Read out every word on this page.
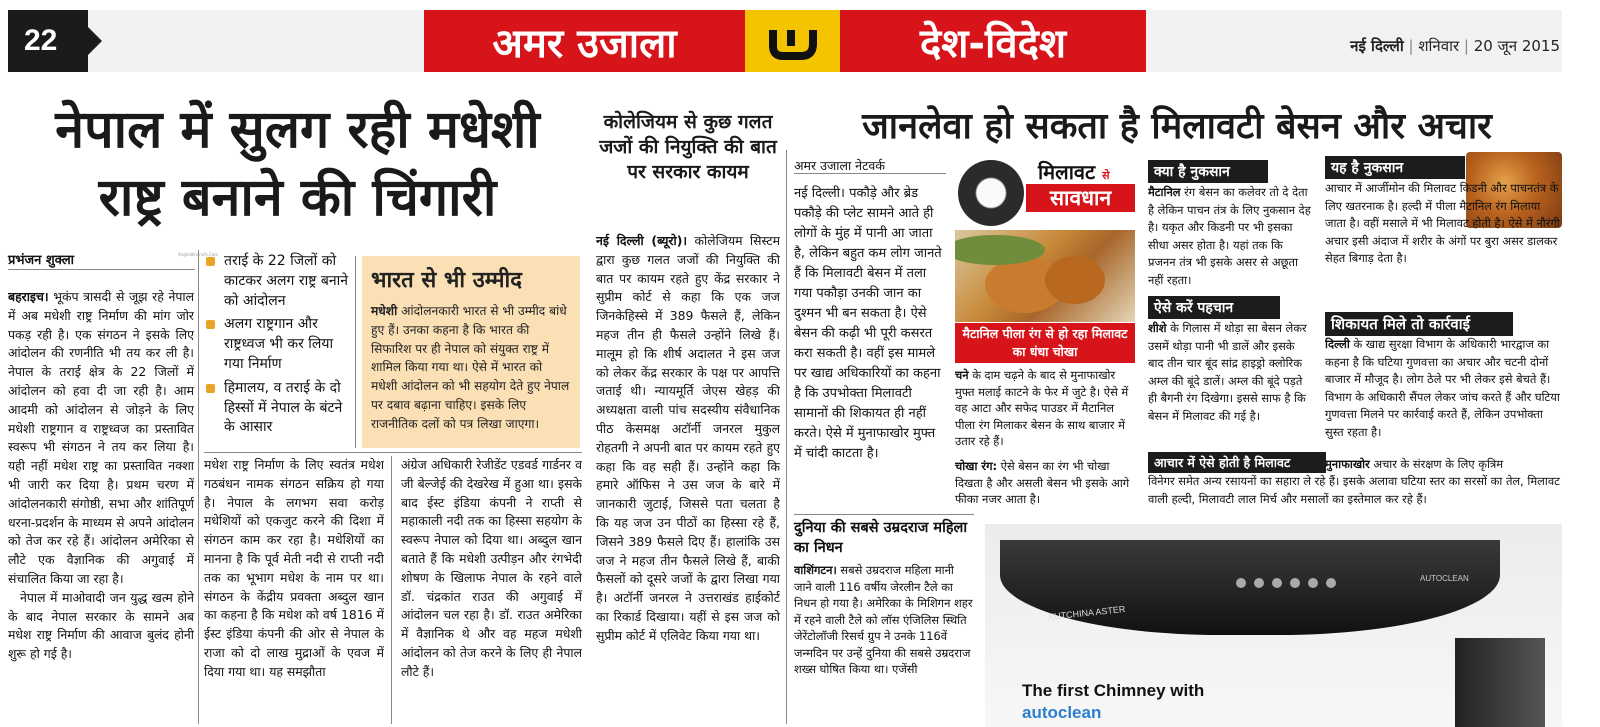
22	अमर उजाला	देश-विदेश	नई दिल्ली | शनिवार | 20 जून 2015
नेपाल में सुलग रही मधेशी
राष्ट्र बनाने की चिंगारी
प्रभंजन शुक्ला
बहराइच। भूकंप त्रासदी से जूझ रहे नेपाल में अब मधेशी राष्ट्र निर्माण की मांग जोर पकड़ रही है। एक संगठन ने इसके लिए आंदोलन की रणनीति भी तय कर ली है। नेपाल के तराई क्षेत्र के 22 जिलों में आंदोलन को हवा दी जा रही है। आम आदमी को आंदोलन से जोड़ने के लिए मधेशी राष्ट्रगान व राष्ट्रध्वज का प्रस्तावित स्वरूप भी संगठन ने तय कर लिया है। यही नहीं मधेश राष्ट्र का प्रस्तावित नक्शा भी जारी कर दिया है। प्रथम चरण में आंदोलनकारी संगोष्ठी, सभा और शांतिपूर्ण धरना-प्रदर्शन के माध्यम से अपने आंदोलन को तेज कर रहे हैं। आंदोलन अमेरिका से लौटे एक वैज्ञानिक की अगुवाई में संचालित किया जा रहा है।
नेपाल में माओवादी जन युद्ध खत्म होने के बाद नेपाल सरकार के सामने अब मधेश राष्ट्र निर्माण की आवाज बुलंद होनी शुरू हो गई है।
तराई के 22 जिलों को काटकर अलग राष्ट्र बनाने को आंदोलन
अलग राष्ट्रगान और राष्ट्रध्वज भी कर लिया गया निर्माण
हिमालय, व तराई के दो हिस्सों में नेपाल के बंटने के आसार
Anghalkhanchi.Com
भारत से भी उम्मीद
मधेशी आंदोलनकारी भारत से भी उम्मीद बांधे हुए हैं। उनका कहना है कि भारत की सिफारिश पर ही नेपाल को संयुक्त राष्ट्र में शामिल किया गया था। ऐसे में भारत को मधेशी आंदोलन को भी सहयोग देते हुए नेपाल पर दबाव बढ़ाना चाहिए। इसके लिए राजनीतिक दलों को पत्र लिखा जाएगा।
मधेश राष्ट्र निर्माण के लिए स्वतंत्र मधेश गठबंधन नामक संगठन सक्रिय हो गया है। नेपाल के लगभग सवा करोड़ मधेशियों को एकजुट करने की दिशा में संगठन काम कर रहा है। मधेशियों का मानना है कि पूर्व मेती नदी से राप्ती नदी तक का भूभाग मधेश के नाम पर था। संगठन के केंद्रीय प्रवक्ता अब्दुल खान का कहना है कि मधेश को वर्ष 1816 में ईस्ट इंडिया कंपनी की ओर से नेपाल के राजा को दो लाख मुद्राओं के एवज में दिया गया था। यह समझौता
अंग्रेज अधिकारी रेजीडेंट एडवर्ड गार्डनर व जी बेल्जेई की देखरेख में हुआ था। इसके बाद ईस्ट इंडिया कंपनी ने राप्ती से महाकाली नदी तक का हिस्सा सहयोग के स्वरूप नेपाल को दिया था। अब्दुल खान बताते हैं कि मधेशी उत्पीड़न और रंगभेदी शोषण के खिलाफ नेपाल के रहने वाले डॉ. चंद्रकांत राउत की अगुवाई में आंदोलन चल रहा है। डॉ. राउत अमेरिका में वैज्ञानिक थे और वह महज मधेशी आंदोलन को तेज करने के लिए ही नेपाल लौटे हैं।
कोलेजियम से कुछ गलत जजों की नियुक्ति की बात पर सरकार कायम
नई दिल्ली (ब्यूरो)। कोलेजियम सिस्टम द्वारा कुछ गलत जजों की नियुक्ति की बात पर कायम रहते हुए केंद्र सरकार ने सुप्रीम कोर्ट से कहा कि एक जज जिनकेहिस्से में 389 फैसले हैं, लेकिन महज तीन ही फैसले उन्होंने लिखे हैं। मालूम हो कि शीर्ष अदालत ने इस जज को लेकर केंद्र सरकार के पक्ष पर आपत्ति जताई थी। न्यायमूर्ति जेएस खेहड़ की अध्यक्षता वाली पांच सदस्यीय संवैधानिक पीठ केसमक्ष अटॉर्नी जनरल मुकुल रोहतगी ने अपनी बात पर कायम रहते हुए कहा कि वह सही हैं। उन्होंने कहा कि हमारे ऑफिस ने उस जज के बारे में जानकारी जुटाई, जिससे पता चलता है कि यह जज उन पीठों का हिस्सा रहे हैं, जिसने 389 फैसले दिए हैं। हालांकि उस जज ने महज तीन फैसले लिखे हैं, बाकी फैसलों को दूसरे जजों के द्वारा लिखा गया है। अटॉर्नी जनरल ने उत्तराखंड हाईकोर्ट का रिकार्ड दिखाया। यहीं से इस जज को सुप्रीम कोर्ट में एलिवेट किया गया था।
जानलेवा हो सकता है मिलावटी बेसन और अचार
अमर उजाला नेटवर्क
नई दिल्ली। पकौड़े और ब्रेड पकौड़े की प्लेट सामने आते ही लोगों के मुंह में पानी आ जाता है, लेकिन बहुत कम लोग जानते हैं कि मिलावटी बेसन में तला गया पकौड़ा उनकी जान का दुश्मन भी बन सकता है। ऐसे बेसन की कढ़ी भी पूरी कसरत करा सकती है। वहीं इस मामले पर खाद्य अधिकारियों का कहना है कि उपभोक्ता मिलावटी सामानों की शिकायत ही नहीं करते। ऐसे में मुनाफाखोर मुफ्त में चांदी काटता है।
मिलावट से
सावधान
मैटानिल पीला रंग से हो रहा मिलावट का धंधा चोखा
चने के दाम चढ़ने के बाद से मुनाफाखोर मुफ्त मलाई काटने के फेर में जुटे है। ऐसे में वह आटा और सफेद पाउडर में मैटानिल पीला रंग मिलाकर बेसन के साथ बाजार में उतार रहे हैं।
चोखा रंग: ऐसे बेसन का रंग भी चोखा दिखता है और असली बेसन भी इसके आगे फीका नजर आता है।
क्या है नुकसान
मैटानिल रंग बेसन का कलेवर तो दे देता है लेकिन पाचन तंत्र के लिए नुकसान देह है। यकृत और किडनी पर भी इसका सीधा असर होता है। यहां तक कि प्रजनन तंत्र भी इसके असर से अछूता नहीं रहता।
ऐसे करें पहचान
शीशे के गिलास में थोड़ा सा बेसन लेकर उसमें थोड़ा पानी भी डालें और इसके बाद तीन चार बूंद सांद्र हाइड्रो क्लोरिक अम्ल की बूंदे डालें। अम्ल की बूंदे पड़ते ही बैगनी रंग दिखेगा। इससे साफ है कि बेसन में मिलावट की गई है।
यह है नुकसान
आचार में आर्जीमोन की मिलावट किडनी और पाचनतंत्र के लिए खतरनाक है। हल्दी में पीला मैटानिल रंग मिलाया जाता है। वहीं मसाले में भी मिलावट होती है। ऐसे में नौरंगी अचार इसी अंदाज में शरीर के अंगों पर बुरा असर डालकर सेहत बिगाड़ देता है।
शिकायत मिले तो कार्रवाई
दिल्ली के खाद्य सुरक्षा विभाग के अधिकारी भारद्वाज का कहना है कि घटिया गुणवत्ता का अचार और चटनी दोनों बाजार में मौजूद है। लोग ठेले पर भी लेकर इसे बेचते हैं। विभाग के अधिकारी सैंपल लेकर जांच करते हैं और घटिया गुणवत्ता मिलने पर कार्रवाई करते हैं, लेकिन उपभोक्ता सुस्त रहता है।
आचार में ऐसे होती है मिलावट	मुनाफाखोर अचार के संरक्षण के लिए कृत्रिम
विनेगर समेत अन्य रसायनों का सहारा ले रहे हैं। इसके अलावा घटिया स्तर का सरसों का तेल, मिलावट वाली हल्दी, मिलावटी लाल मिर्च और मसालों का इस्तेमाल कर रहे हैं।
दुनिया की सबसे उम्रदराज महिला का निधन
वाशिंगटन। सबसे उम्रदराज महिला मानी जाने वाली 116 वर्षीय जेरलीन टैले का निधन हो गया है। अमेरिका के मिशिगन शहर में रहने वाली टैले को लॉस एंजिलिस स्थिति जेरेंटोलॉजी रिसर्च ग्रुप ने उनके 116वें जन्मदिन पर उन्हें दुनिया की सबसे उम्रदराज शख्स घोषित किया था। एजेंसी
KUTCHINA ASTER
AUTOCLEAN
The first Chimney with
autoclean
